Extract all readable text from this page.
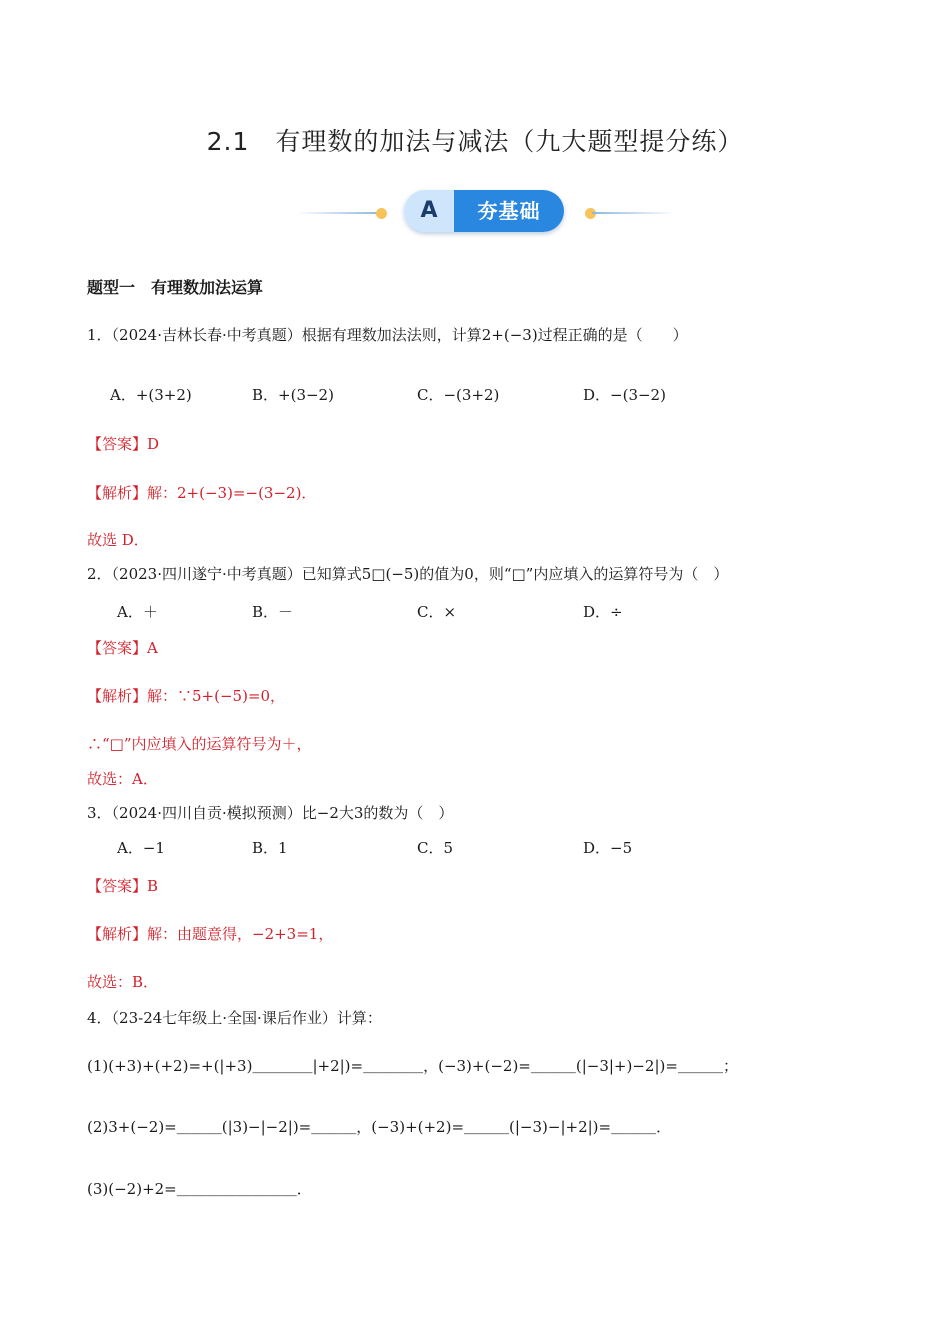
2.1　有理数的加法与减法（九大题型提分练）
A	夯基础
题型一　有理数加法运算
1．（2024·吉林长春·中考真题）根据有理数加法法则，计算2+(−3)过程正确的是（　　）
A．+(3+2)	B．+(3−2)	C．−(3+2)	D．−(3−2)
【答案】D
【解析】解：2+(−3)=−(3−2)．
故选 D．
2．（2023·四川遂宁·中考真题）已知算式5□(−5)的值为0，则“□”内应填入的运算符号为（　）
A．＋	B．－	C．×	D．÷
【答案】A
【解析】解：∵5+(−5)=0，
∴“□”内应填入的运算符号为＋，
故选：A．
3．（2024·四川自贡·模拟预测）比−2大3的数为（　）
A．−1	B．1	C．5	D．−5
【答案】B
【解析】解：由题意得，−2+3=1，
故选：B．
4．（23-24七年级上·全国·课后作业）计算：
(1)(+3)+(+2)=+(|+3)＿＿＿＿|+2|)=＿＿＿＿，(−3)+(−2)=＿＿＿(|−3|+)−2|)=＿＿＿；
(2)3+(−2)=＿＿＿(|3)−|−2|)=＿＿＿，(−3)+(+2)=＿＿＿(|−3)−|+2|)=＿＿＿．
(3)(−2)+2=＿＿＿＿＿＿＿＿．
